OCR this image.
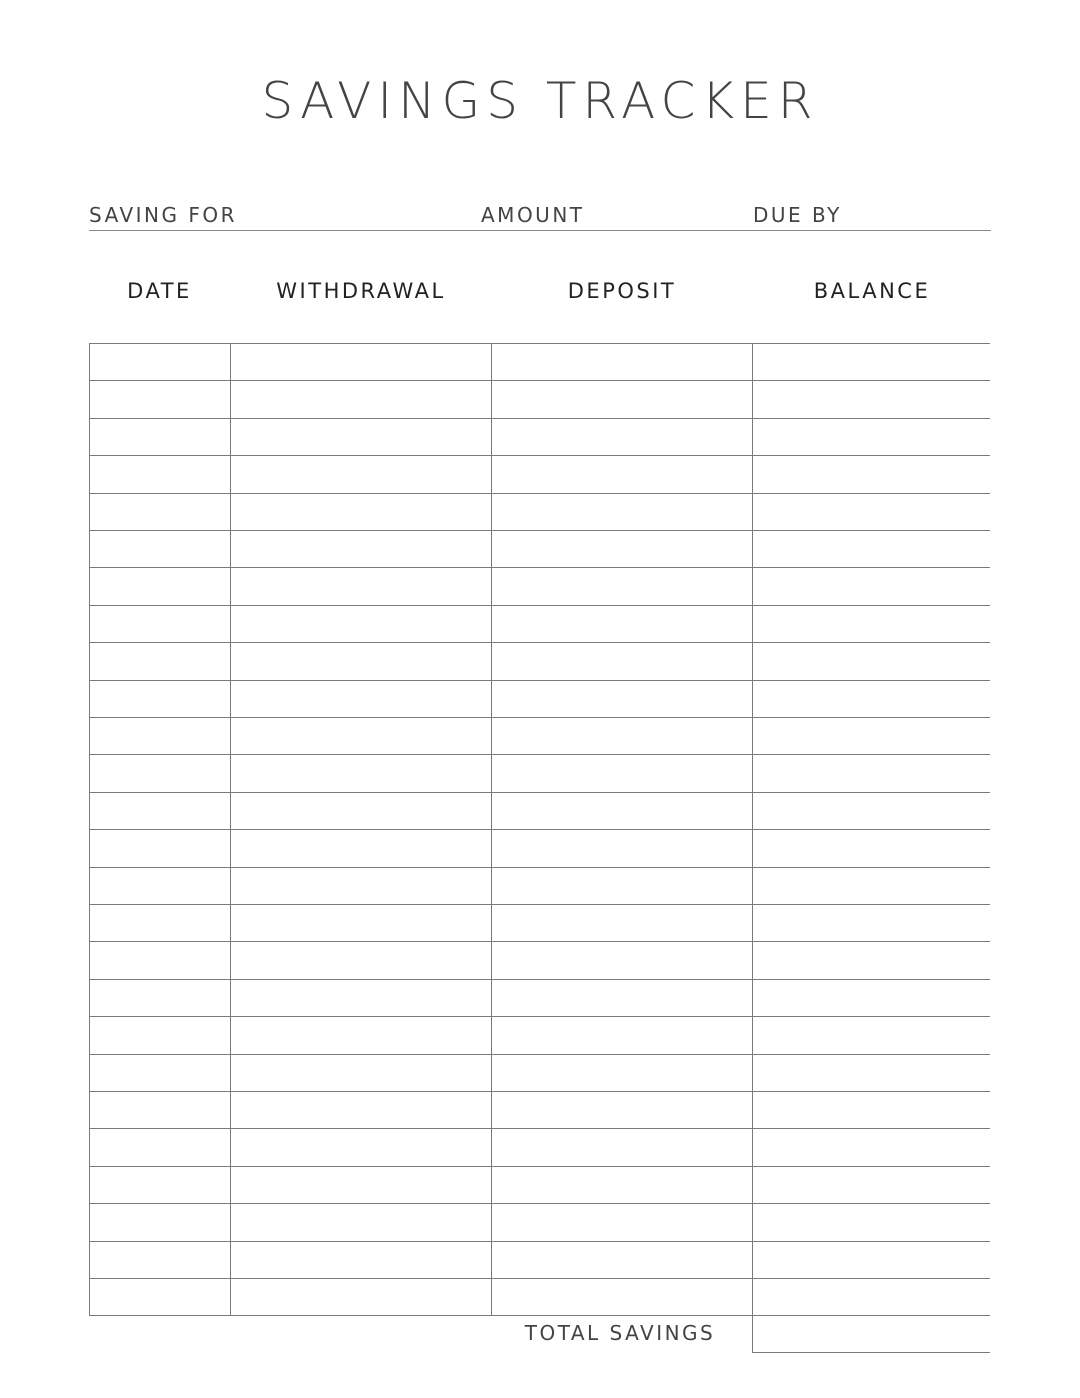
SAVINGS TRACKER
SAVING FOR	AMOUNT	DUE BY
DATE	WITHDRAWAL	DEPOSIT	BALANCE
TOTAL SAVINGS
